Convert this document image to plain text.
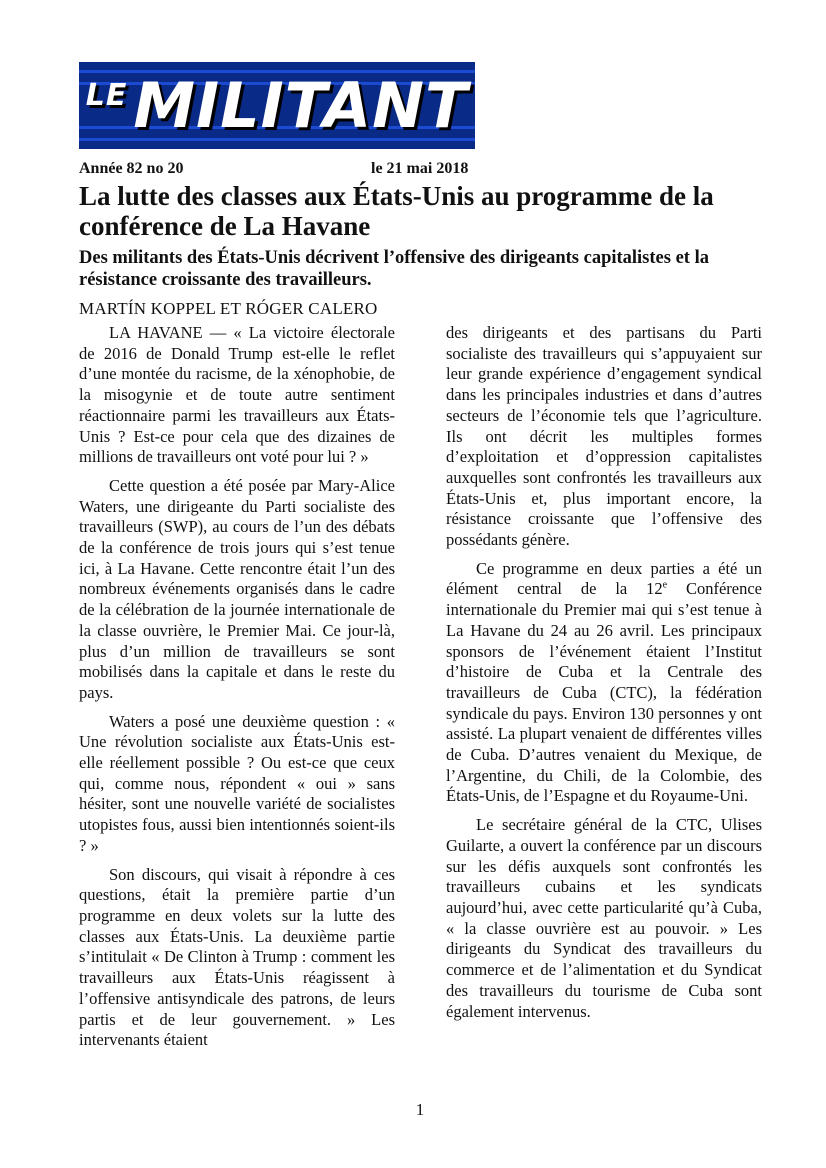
LE MILITANT
Année 82 no 20	le 21 mai 2018
La lutte des classes aux États-Unis au programme de la conférence de La Havane
Des militants des États-Unis décrivent l’offensive des dirigeants capitalistes et la résistance croissante des travailleurs.
MARTÍN KOPPEL ET RÓGER CALERO

LA HAVANE — « La victoire électorale de 2016 de Donald Trump est-elle le reflet d’une montée du racisme, de la xénophobie, de la misogynie et de toute autre sentiment réactionnaire parmi les travailleurs aux États-Unis ? Est-ce pour cela que des dizaines de millions de travailleurs ont voté pour lui ? »

Cette question a été posée par Mary-Alice Waters, une dirigeante du Parti socialiste des travailleurs (SWP), au cours de l’un des débats de la conférence de trois jours qui s’est tenue ici, à La Havane. Cette rencontre était l’un des nombreux événements organisés dans le cadre de la célébration de la journée internationale de la classe ouvrière, le Premier Mai. Ce jour-là, plus d’un million de travailleurs se sont mobilisés dans la capitale et dans le reste du pays.

Waters a posé une deuxième question : « Une révolution socialiste aux États-Unis est-elle réellement possible ? Ou est-ce que ceux qui, comme nous, répondent « oui » sans hésiter, sont une nouvelle variété de socialistes utopistes fous, aussi bien intentionnés soient-ils ? »

Son discours, qui visait à répondre à ces questions, était la première partie d’un programme en deux volets sur la lutte des classes aux États-Unis. La deuxième partie s’intitulait « De Clinton à Trump : comment les travailleurs aux États-Unis réagissent à l’offensive antisyndicale des patrons, de leurs partis et de leur gouvernement. » Les intervenants étaient

des dirigeants et des partisans du Parti socialiste des travailleurs qui s’appuyaient sur leur grande expérience d’engagement syndical dans les principales industries et dans d’autres secteurs de l’économie tels que l’agriculture. Ils ont décrit les multiples formes d’exploitation et d’oppression capitalistes auxquelles sont confrontés les travailleurs aux États-Unis et, plus important encore, la résistance croissante que l’offensive des possédants génère.

Ce programme en deux parties a été un élément central de la 12e Conférence internationale du Premier mai qui s’est tenue à La Havane du 24 au 26 avril. Les principaux sponsors de l’événement étaient l’Institut d’histoire de Cuba et la Centrale des travailleurs de Cuba (CTC), la fédération syndicale du pays. Environ 130 personnes y ont assisté. La plupart venaient de différentes villes de Cuba. D’autres venaient du Mexique, de l’Argentine, du Chili, de la Colombie, des États-Unis, de l’Espagne et du Royaume-Uni.

Le secrétaire général de la CTC, Ulises Guilarte, a ouvert la conférence par un discours sur les défis auxquels sont confrontés les travailleurs cubains et les syndicats aujourd’hui, avec cette particularité qu’à Cuba, « la classe ouvrière est au pouvoir. » Les dirigeants du Syndicat des travailleurs du commerce et de l’alimentation et du Syndicat des travailleurs du tourisme de Cuba sont également intervenus.

1
